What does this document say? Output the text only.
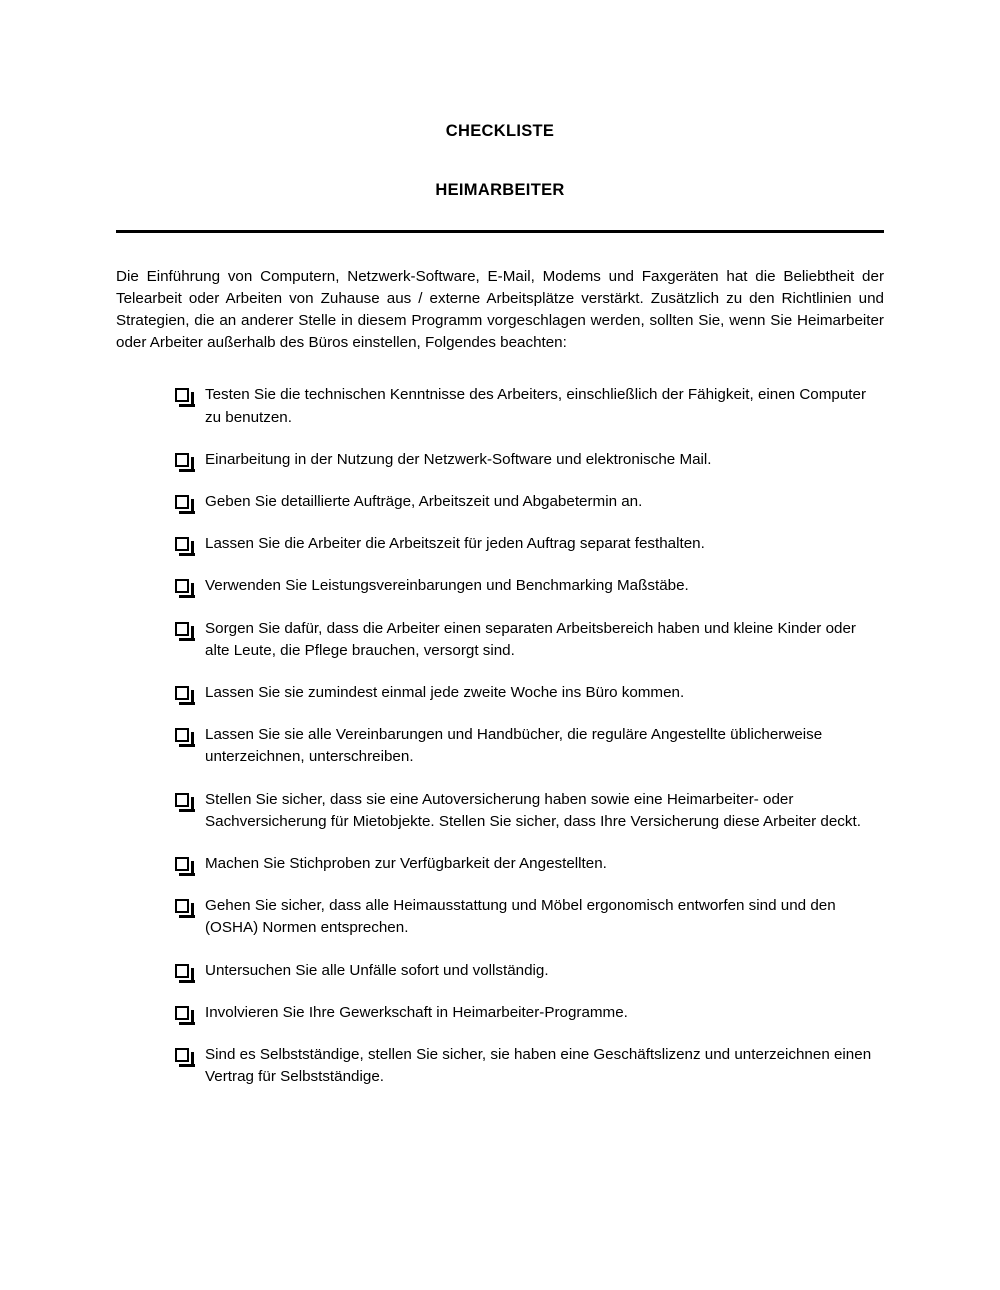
CHECKLISTE
HEIMARBEITER

Die Einführung von Computern, Netzwerk-Software, E-Mail, Modems und Faxgeräten hat die Beliebtheit der Telearbeit oder Arbeiten von Zuhause aus / externe Arbeitsplätze verstärkt. Zusätzlich zu den Richtlinien und Strategien, die an anderer Stelle in diesem Programm vorgeschlagen werden, sollten Sie, wenn Sie Heimarbeiter oder Arbeiter außerhalb des Büros einstellen, Folgendes beachten:

Testen Sie die technischen Kenntnisse des Arbeiters, einschließlich der Fähigkeit, einen Computer zu benutzen.
Einarbeitung in der Nutzung der Netzwerk-Software und elektronische Mail.
Geben Sie detaillierte Aufträge, Arbeitszeit und Abgabetermin an.
Lassen Sie die Arbeiter die Arbeitszeit für jeden Auftrag separat festhalten.
Verwenden Sie Leistungsvereinbarungen und Benchmarking Maßstäbe.
Sorgen Sie dafür, dass die Arbeiter einen separaten Arbeitsbereich haben und kleine Kinder oder alte Leute, die Pflege brauchen, versorgt sind.
Lassen Sie sie zumindest einmal jede zweite Woche ins Büro kommen.
Lassen Sie sie alle Vereinbarungen und Handbücher, die reguläre Angestellte üblicherweise unterzeichnen, unterschreiben.
Stellen Sie sicher, dass sie eine Autoversicherung haben sowie eine Heimarbeiter- oder Sachversicherung für Mietobjekte. Stellen Sie sicher, dass Ihre Versicherung diese Arbeiter deckt.
Machen Sie Stichproben zur Verfügbarkeit der Angestellten.
Gehen Sie sicher, dass alle Heimausstattung und Möbel ergonomisch entworfen sind und den (OSHA) Normen entsprechen.
Untersuchen Sie alle Unfälle sofort und vollständig.
Involvieren Sie Ihre Gewerkschaft in Heimarbeiter-Programme.
Sind es Selbstständige, stellen Sie sicher, sie haben eine Geschäftslizenz und unterzeichnen einen Vertrag für Selbstständige.
